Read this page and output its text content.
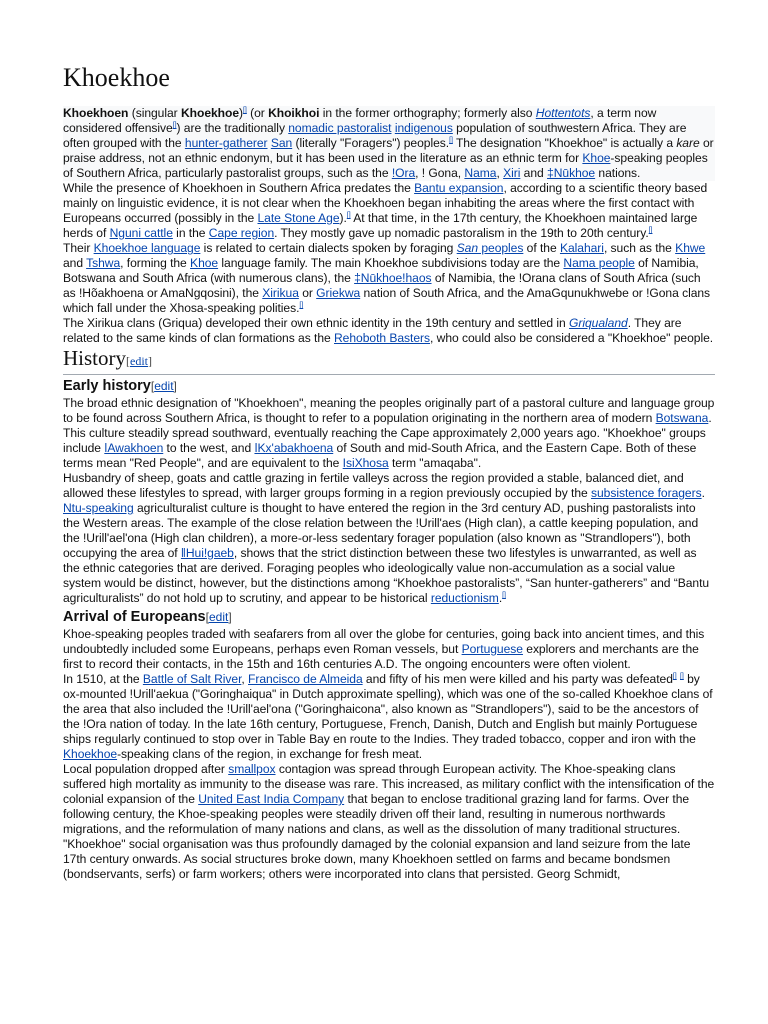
Khoekhoe

Khoekhoen (singular Khoekhoe)[] (or Khoikhoi in the former orthography; formerly also Hottentots, a term now considered offensive[]) are the traditionally nomadic pastoralist indigenous population of southwestern Africa. They are often grouped with the hunter-gatherer San (literally "Foragers") peoples.[] The designation "Khoekhoe" is actually a kare or praise address, not an ethnic endonym, but it has been used in the literature as an ethnic term for Khoe-speaking peoples of Southern Africa, particularly pastoralist groups, such as the !Ora, ! Gona, Nama, Xiri and ‡Nūkhoe nations.

While the presence of Khoekhoen in Southern Africa predates the Bantu expansion, according to a scientific theory based mainly on linguistic evidence, it is not clear when the Khoekhoen began inhabiting the areas where the first contact with Europeans occurred (possibly in the Late Stone Age).[] At that time, in the 17th century, the Khoekhoen maintained large herds of Nguni cattle in the Cape region. They mostly gave up nomadic pastoralism in the 19th to 20th century.[]

Their Khoekhoe language is related to certain dialects spoken by foraging San peoples of the Kalahari, such as the Khwe and Tshwa, forming the Khoe language family. The main Khoekhoe subdivisions today are the Nama people of Namibia, Botswana and South Africa (with numerous clans), the ‡Nūkhoe!haos of Namibia, the !Orana clans of South Africa (such as !Hõakhoena or AmaNgqosini), the Xirikua or Griekwa nation of South Africa, and the AmaGqunukhwebe or !Gona clans which fall under the Xhosa-speaking polities.[]

The Xirikua clans (Griqua) developed their own ethnic identity in the 19th century and settled in Griqualand. They are related to the same kinds of clan formations as the Rehoboth Basters, who could also be considered a "Khoekhoe" people.

History[edit]
Early history[edit]

The broad ethnic designation of "Khoekhoen", meaning the peoples originally part of a pastoral culture and language group to be found across Southern Africa, is thought to refer to a population originating in the northern area of modern Botswana. This culture steadily spread southward, eventually reaching the Cape approximately 2,000 years ago. "Khoekhoe" groups include ǀAwakhoen to the west, and ǀKx'abakhoena of South and mid-South Africa, and the Eastern Cape. Both of these terms mean "Red People", and are equivalent to the IsiXhosa term "amaqaba".

Husbandry of sheep, goats and cattle grazing in fertile valleys across the region provided a stable, balanced diet, and allowed these lifestyles to spread, with larger groups forming in a region previously occupied by the subsistence foragers. Ntu-speaking agriculturalist culture is thought to have entered the region in the 3rd century AD, pushing pastoralists into the Western areas. The example of the close relation between the !Urill'aes (High clan), a cattle keeping population, and the !Urill'ael'ona (High clan children), a more-or-less sedentary forager population (also known as "Strandlopers"), both occupying the area of ǁHuiǃgaeb, shows that the strict distinction between these two lifestyles is unwarranted, as well as the ethnic categories that are derived. Foraging peoples who ideologically value non-accumulation as a social value system would be distinct, however, but the distinctions among “Khoekhoe pastoralists”, “San hunter-gatherers” and “Bantu agriculturalists” do not hold up to scrutiny, and appear to be historical reductionism.[]

Arrival of Europeans[edit]

Khoe-speaking peoples traded with seafarers from all over the globe for centuries, going back into ancient times, and this undoubtedly included some Europeans, perhaps even Roman vessels, but Portuguese explorers and merchants are the first to record their contacts, in the 15th and 16th centuries A.D. The ongoing encounters were often violent.

In 1510, at the Battle of Salt River, Francisco de Almeida and fifty of his men were killed and his party was defeated[] [] by ox-mounted !Urill'aekua ("Goringhaiqua" in Dutch approximate spelling), which was one of the so-called Khoekhoe clans of the area that also included the !Urill'ael'ona ("Goringhaicona", also known as "Strandlopers"), said to be the ancestors of the !Ora nation of today. In the late 16th century, Portuguese, French, Danish, Dutch and English but mainly Portuguese ships regularly continued to stop over in Table Bay en route to the Indies. They traded tobacco, copper and iron with the Khoekhoe-speaking clans of the region, in exchange for fresh meat.

Local population dropped after smallpox contagion was spread through European activity. The Khoe-speaking clans suffered high mortality as immunity to the disease was rare. This increased, as military conflict with the intensification of the colonial expansion of the United East India Company that began to enclose traditional grazing land for farms. Over the following century, the Khoe-speaking peoples were steadily driven off their land, resulting in numerous northwards migrations, and the reformulation of many nations and clans, as well as the dissolution of many traditional structures.

"Khoekhoe" social organisation was thus profoundly damaged by the colonial expansion and land seizure from the late 17th century onwards. As social structures broke down, many Khoekhoen settled on farms and became bondsmen (bondservants, serfs) or farm workers; others were incorporated into clans that persisted. Georg Schmidt,
